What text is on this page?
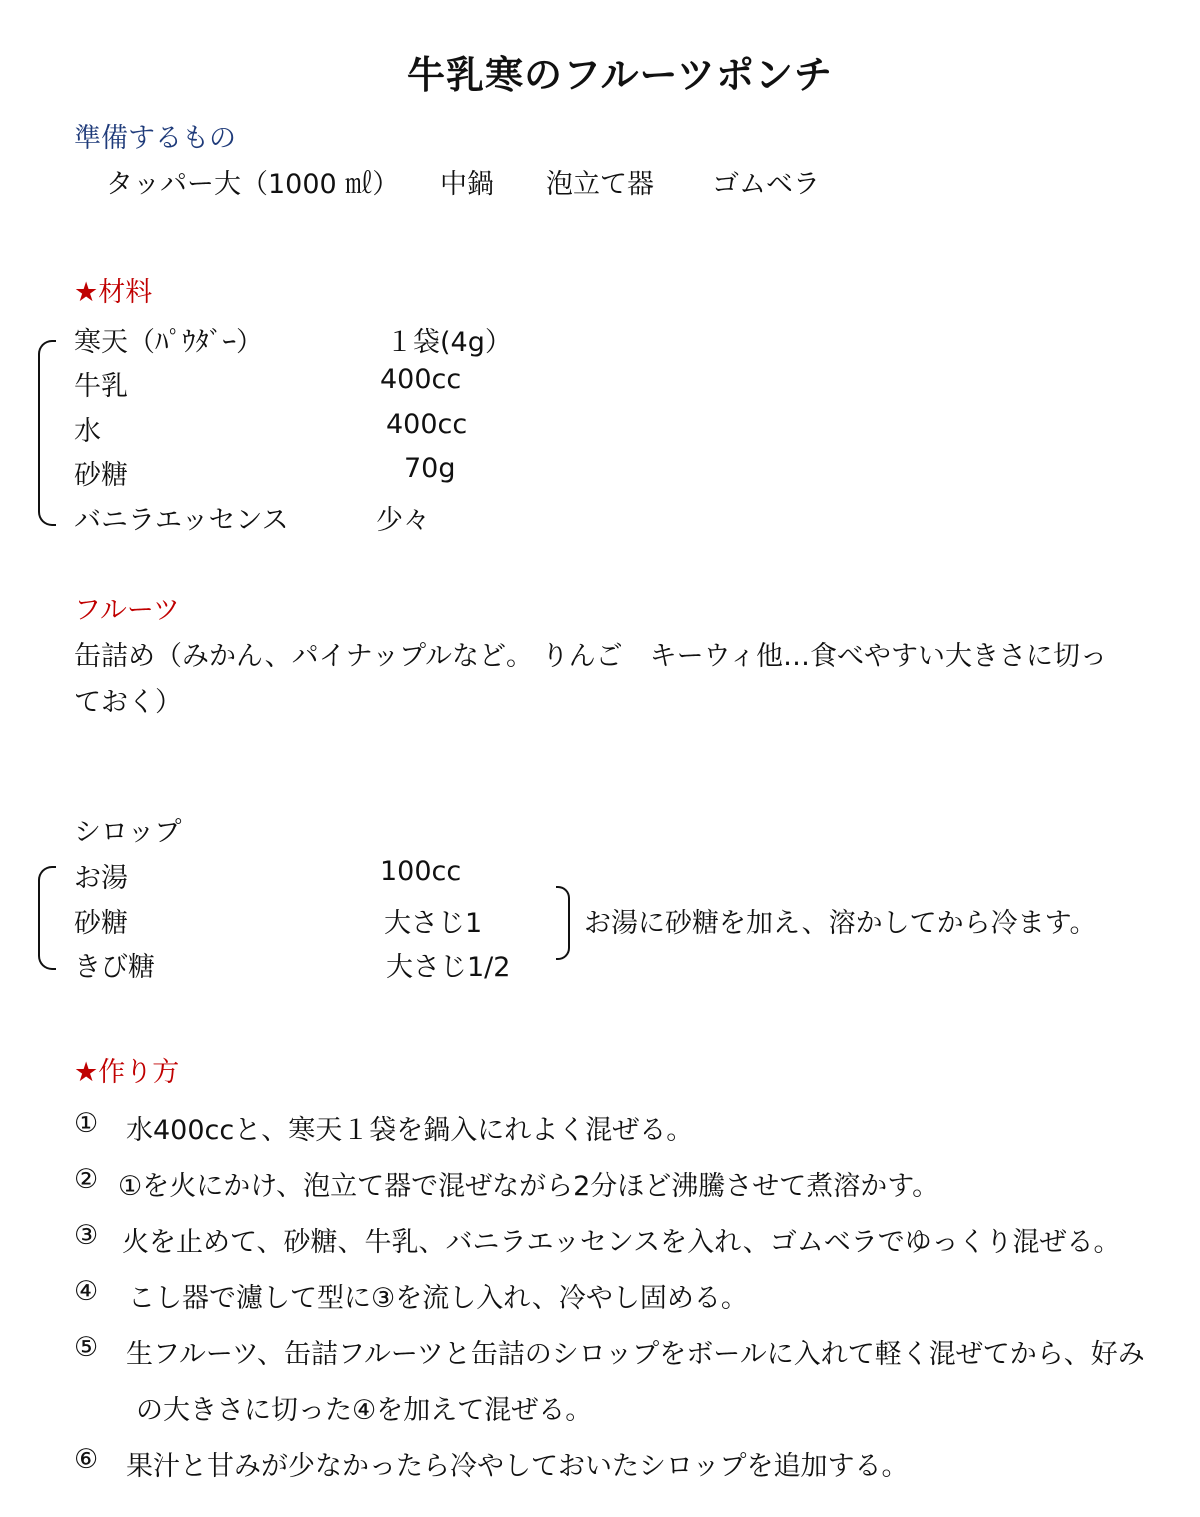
牛乳寒のフルーツポンチ
準備するもの
タッパー大（1000 ㎖） 中鍋 泡立て器 ゴムベラ
★材料
寒天（ﾊﾟｳﾀﾞｰ）	１袋(4g）
牛乳	400cc
水	400cc
砂糖	70g
バニラエッセンス	少々
フルーツ
缶詰め（みかん、パイナップルなど。 りんご　キーウィ他…食べやすい大きさに切っ
ておく）
シロップ
お湯	100cc
砂糖	大さじ1
きび糖	大さじ1/2
お湯に砂糖を加え、溶かしてから冷ます。
★作り方
① 水400ccと、寒天１袋を鍋入にれよく混ぜる。
② ①を火にかけ、泡立て器で混ぜながら2分ほど沸騰させて煮溶かす。
③ 火を止めて、砂糖、牛乳、バニラエッセンスを入れ、ゴムベラでゆっくり混ぜる。
④ こし器で濾して型に③を流し入れ、冷やし固める。
⑤ 生フルーツ、缶詰フルーツと缶詰のシロップをボールに入れて軽く混ぜてから、好み
の大きさに切った④を加えて混ぜる。
⑥ 果汁と甘みが少なかったら冷やしておいたシロップを追加する。
